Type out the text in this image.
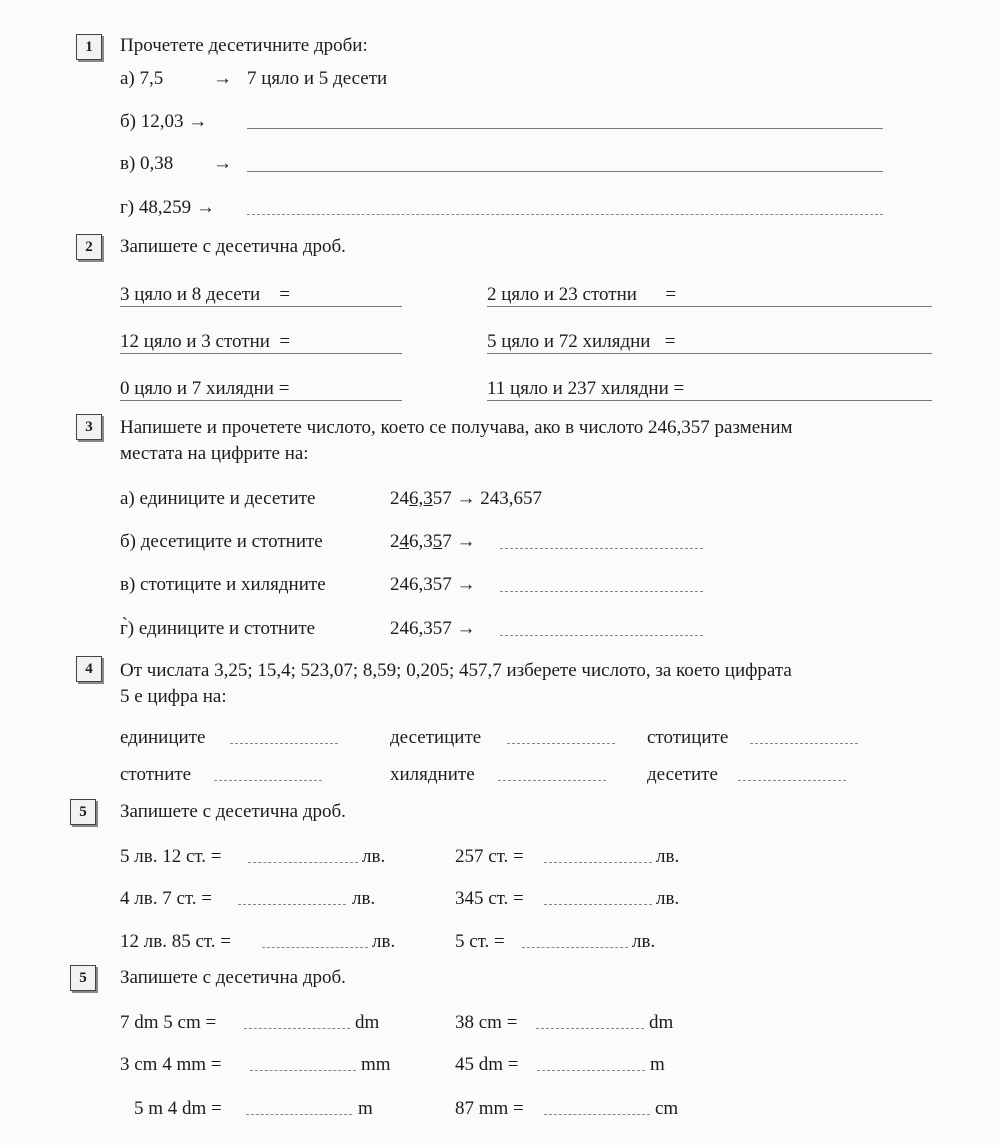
1	Прочетете десетичните дроби:
а) 7,5	→ 7 цяло и 5 десети
б) 12,03 →
в) 0,38 →
г) 48,259 →
2	Запишете с десетична дроб.
3 цяло и 8 десети    =	2 цяло и 23 стотни      =
12 цяло и 3 стотни  =	5 цяло и 72 хилядни   =
0 цяло и 7 хилядни =	11 цяло и 237 хилядни =
3	Напишете и прочетете числото, което се получава, ако в числото 246,357 разменим
местата на цифрите на:
а) единиците и десетите	246,357 → 243,657
б) десетиците и стотните	246,357 →
в) стотиците и хилядните	246,357 →
г̀) единиците и стотните	246,357 →
4	От числата 3,25; 15,4; 523,07; 8,59; 0,205; 457,7 изберете числото, за което цифрата
5 е цифра на:
единиците	десетиците	стотиците
стотните	хилядните	десетите
5	Запишете с десетична дроб.
5 лв. 12 ст. =	лв.	257 ст. =	лв.
4 лв. 7 ст. =	лв.	345 ст. =	лв.
12 лв. 85 ст. =	лв.	5 ст. =	лв.
5	Запишете с десетична дроб.
7 dm 5 cm =	dm	38 cm =	dm
3 cm 4 mm =	mm	45 dm =	m
5 m 4 dm =	m	87 mm =	cm
